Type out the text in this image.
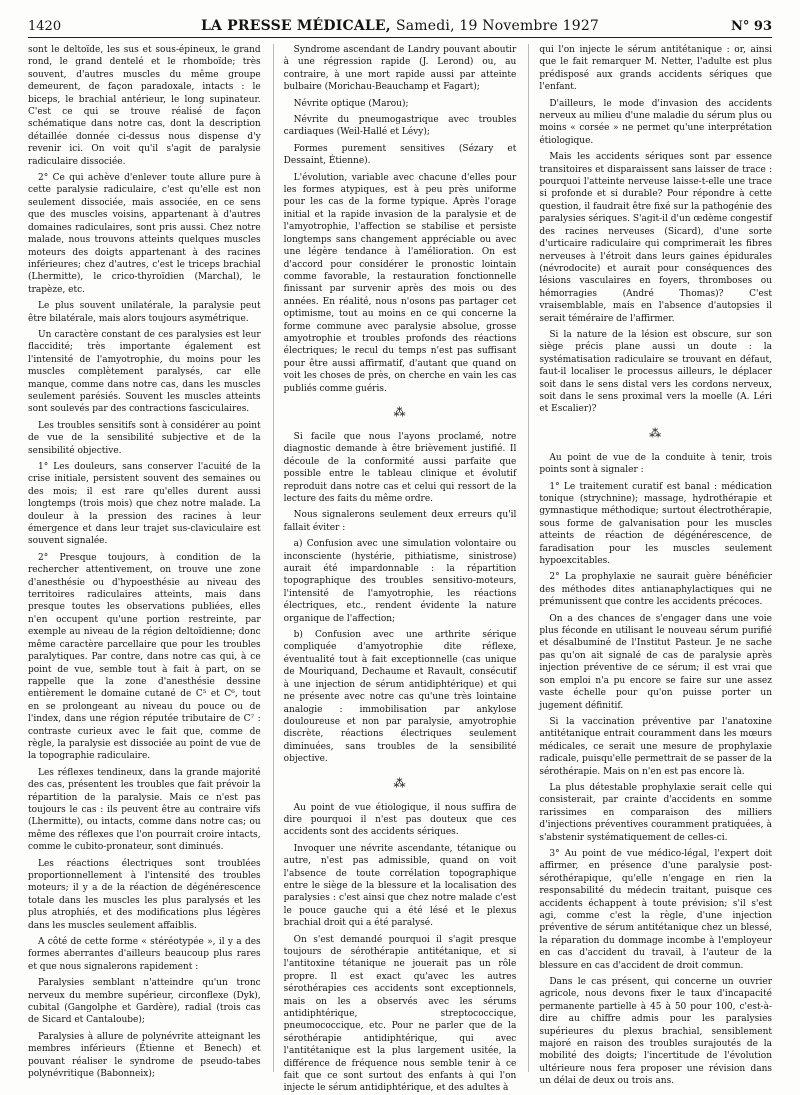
1420	LA PRESSE MÉDICALE, Samedi, 19 Novembre 1927	N° 93

sont le deltoïde, les sus et sous-épineux, le grand rond, le grand dentelé et le rhomboïde; très souvent, d'autres muscles du même groupe demeurent, de façon paradoxale, intacts : le biceps, le brachial antérieur, le long supinateur. C'est ce qui se trouve réalisé de façon schématique dans notre cas, dont la description détaillée donnée ci-dessus nous dispense d'y revenir ici. On voit qu'il s'agit de paralysie radiculaire dissociée.

2° Ce qui achève d'enlever toute allure pure à cette paralysie radiculaire, c'est qu'elle est non seulement dissociée, mais associée, en ce sens que des muscles voisins, appartenant à d'autres domaines radiculaires, sont pris aussi. Chez notre malade, nous trouvons atteints quelques muscles moteurs des doigts appartenant à des racines inférieures; chez d'autres, c'est le triceps brachial (Lhermitte), le crico-thyroïdien (Marchal), le trapèze, etc.

Le plus souvent unilatérale, la paralysie peut être bilatérale, mais alors toujours asymétrique.

Un caractère constant de ces paralysies est leur flaccidité; très importante également est l'intensité de l'amyotrophie, du moins pour les muscles complètement paralysés, car elle manque, comme dans notre cas, dans les muscles seulement parésiés. Souvent les muscles atteints sont soulevés par des contractions fasciculaires.

Les troubles sensitifs sont à considérer au point de vue de la sensibilité subjective et de la sensibilité objective.

1° Les douleurs, sans conserver l'acuité de la crise initiale, persistent souvent des semaines ou des mois; il est rare qu'elles durent aussi longtemps (trois mois) que chez notre malade. La douleur à la pression des racines à leur émergence et dans leur trajet sus-claviculaire est souvent signalée.

2° Presque toujours, à condition de la rechercher attentivement, on trouve une zone d'anesthésie ou d'hypoesthésie au niveau des territoires radiculaires atteints, mais dans presque toutes les observations publiées, elles n'en occupent qu'une portion restreinte, par exemple au niveau de la région deltoïdienne; donc même caractère parcellaire que pour les troubles paralytiques. Par contre, dans notre cas qui, à ce point de vue, semble tout à fait à part, on se rappelle que la zone d'anesthésie dessine entièrement le domaine cutané de C⁵ et C⁶, tout en se prolongeant au niveau du pouce ou de l'index, dans une région réputée tributaire de C⁷ : contraste curieux avec le fait que, comme de règle, la paralysie est dissociée au point de vue de la topographie radiculaire.

Les réflexes tendineux, dans la grande majorité des cas, présentent les troubles que fait prévoir la répartition de la paralysie. Mais ce n'est pas toujours le cas : ils peuvent être au contraire vifs (Lhermitte), ou intacts, comme dans notre cas; ou même des réflexes que l'on pourrait croire intacts, comme le cubito-pronateur, sont diminués.

Les réactions électriques sont troublées proportionnellement à l'intensité des troubles moteurs; il y a de la réaction de dégénérescence totale dans les muscles les plus paralysés et les plus atrophiés, et des modifications plus légères dans les muscles seulement affaiblis.

A côté de cette forme « stéréotypée », il y a des formes aberrantes d'ailleurs beaucoup plus rares et que nous signalerons rapidement :

Paralysies semblant n'atteindre qu'un tronc nerveux du membre supérieur, circonflexe (Dyk), cubital (Gangolphe et Gardère), radial (trois cas de Sicard et Cantaloube);

Paralysies à allure de polynévrite atteignant les membres inférieurs (Étienne et Benech) et pouvant réaliser le syndrome de pseudo-tabes polynévritique (Babonneix);

Syndrome ascendant de Landry pouvant aboutir à une régression rapide (J. Lerond) ou, au contraire, à une mort rapide aussi par atteinte bulbaire (Morichau-Beauchamp et Fagart);

Névrite optique (Marou);

Névrite du pneumogastrique avec troubles cardiaques (Weil-Hallé et Lévy);

Formes purement sensitives (Sézary et Dessaint, Étienne).

L'évolution, variable avec chacune d'elles pour les formes atypiques, est à peu près uniforme pour les cas de la forme typique. Après l'orage initial et la rapide invasion de la paralysie et de l'amyotrophie, l'affection se stabilise et persiste longtemps sans changement appréciable ou avec une légère tendance à l'amélioration. On est d'accord pour considérer le pronostic lointain comme favorable, la restauration fonctionnelle finissant par survenir après des mois ou des années. En réalité, nous n'osons pas partager cet optimisme, tout au moins en ce qui concerne la forme commune avec paralysie absolue, grosse amyotrophie et troubles profonds des réactions électriques; le recul du temps n'est pas suffisant pour être aussi affirmatif, d'autant que quand on voit les choses de près, on cherche en vain les cas publiés comme guéris.

⁂

Si facile que nous l'ayons proclamé, notre diagnostic demande à être brièvement justifié. Il découle de la conformité aussi parfaite que possible entre le tableau clinique et évolutif reproduit dans notre cas et celui qui ressort de la lecture des faits du même ordre.

Nous signalerons seulement deux erreurs qu'il fallait éviter :

a) Confusion avec une simulation volontaire ou inconsciente (hystérie, pithiatisme, sinistrose) aurait été impardonnable : la répartition topographique des troubles sensitivo-moteurs, l'intensité de l'amyotrophie, les réactions électriques, etc., rendent évidente la nature organique de l'affection;

b) Confusion avec une arthrite sérique compliquée d'amyotrophie dite réflexe, éventualité tout à fait exceptionnelle (cas unique de Mouriquand, Dechaume et Ravault, consécutif à une injection de sérum antidiphtérique) et qui ne présente avec notre cas qu'une très lointaine analogie : immobilisation par ankylose douloureuse et non par paralysie, amyotrophie discrète, réactions électriques seulement diminuées, sans troubles de la sensibilité objective.

⁂

Au point de vue étiologique, il nous suffira de dire pourquoi il n'est pas douteux que ces accidents sont des accidents sériques.

Invoquer une névrite ascendante, tétanique ou autre, n'est pas admissible, quand on voit l'absence de toute corrélation topographique entre le siège de la blessure et la localisation des paralysies : c'est ainsi que chez notre malade c'est le pouce gauche qui a été lésé et le plexus brachial droit qui a été paralysé.

On s'est demandé pourquoi il s'agit presque toujours de sérothérapie antitétanique, et si l'antitoxine tétanique ne jouerait pas un rôle propre. Il est exact qu'avec les autres sérothérapies ces accidents sont exceptionnels, mais on les a observés avec les sérums antidiphtérique, streptococcique, pneumococcique, etc. Pour ne parler que de la sérothérapie antidiphtérique, qui avec l'antitétanique est la plus largement usitée, la différence de fréquence nous semble tenir à ce fait que ce sont surtout des enfants à qui l'on injecte le sérum antidiphtérique, et des adultes à

qui l'on injecte le sérum antitétanique : or, ainsi que le fait remarquer M. Netter, l'adulte est plus prédisposé aux grands accidents sériques que l'enfant.

D'ailleurs, le mode d'invasion des accidents nerveux au milieu d'une maladie du sérum plus ou moins « corsée » ne permet qu'une interprétation étiologique.

Mais les accidents sériques sont par essence transitoires et disparaissent sans laisser de trace : pourquoi l'atteinte nerveuse laisse-t-elle une trace si profonde et si durable? Pour répondre à cette question, il faudrait être fixé sur la pathogénie des paralysies sériques. S'agit-il d'un œdème congestif des racines nerveuses (Sicard), d'une sorte d'urticaire radiculaire qui comprimerait les fibres nerveuses à l'étroit dans leurs gaines épidurales (névrodocite) et aurait pour conséquences des lésions vasculaires en foyers, thromboses ou hémorragies (André Thomas)? C'est vraisemblable, mais en l'absence d'autopsies il serait téméraire de l'affirmer.

Si la nature de la lésion est obscure, sur son siège précis plane aussi un doute : la systématisation radiculaire se trouvant en défaut, faut-il localiser le processus ailleurs, le déplacer soit dans le sens distal vers les cordons nerveux, soit dans le sens proximal vers la moelle (A. Léri et Escalier)?

⁂

Au point de vue de la conduite à tenir, trois points sont à signaler :

1° Le traitement curatif est banal : médication tonique (strychnine); massage, hydrothérapie et gymnastique méthodique; surtout électrothérapie, sous forme de galvanisation pour les muscles atteints de réaction de dégénérescence, de faradisation pour les muscles seulement hypoexcitables.

2° La prophylaxie ne saurait guère bénéficier des méthodes dites antianaphylactiques qui ne prémunissent que contre les accidents précoces.

On a des chances de s'engager dans une voie plus féconde en utilisant le nouveau sérum purifié et désalbuminé de l'Institut Pasteur. Je ne sache pas qu'on ait signalé de cas de paralysie après injection préventive de ce sérum; il est vrai que son emploi n'a pu encore se faire sur une assez vaste échelle pour qu'on puisse porter un jugement définitif.

Si la vaccination préventive par l'anatoxine antitétanique entrait couramment dans les mœurs médicales, ce serait une mesure de prophylaxie radicale, puisqu'elle permettrait de se passer de la sérothérapie. Mais on n'en est pas encore là.

La plus détestable prophylaxie serait celle qui consisterait, par crainte d'accidents en somme rarissimes en comparaison des milliers d'injections préventives couramment pratiquées, à s'abstenir systématiquement de celles-ci.

3° Au point de vue médico-légal, l'expert doit affirmer, en présence d'une paralysie post-sérothérapique, qu'elle n'engage en rien la responsabilité du médecin traitant, puisque ces accidents échappent à toute prévision; s'il s'est agi, comme c'est la règle, d'une injection préventive de sérum antitétanique chez un blessé, la réparation du dommage incombe à l'employeur en cas d'accident du travail, à l'auteur de la blessure en cas d'accident de droit commun.

Dans le cas présent, qui concerne un ouvrier agricole, nous devons fixer le taux d'incapacité permanente partielle à 45 à 50 pour 100, c'est-à-dire au chiffre admis pour les paralysies supérieures du plexus brachial, sensiblement majoré en raison des troubles surajoutés de la mobilité des doigts; l'incertitude de l'évolution ultérieure nous fera proposer une révision dans un délai de deux ou trois ans.
